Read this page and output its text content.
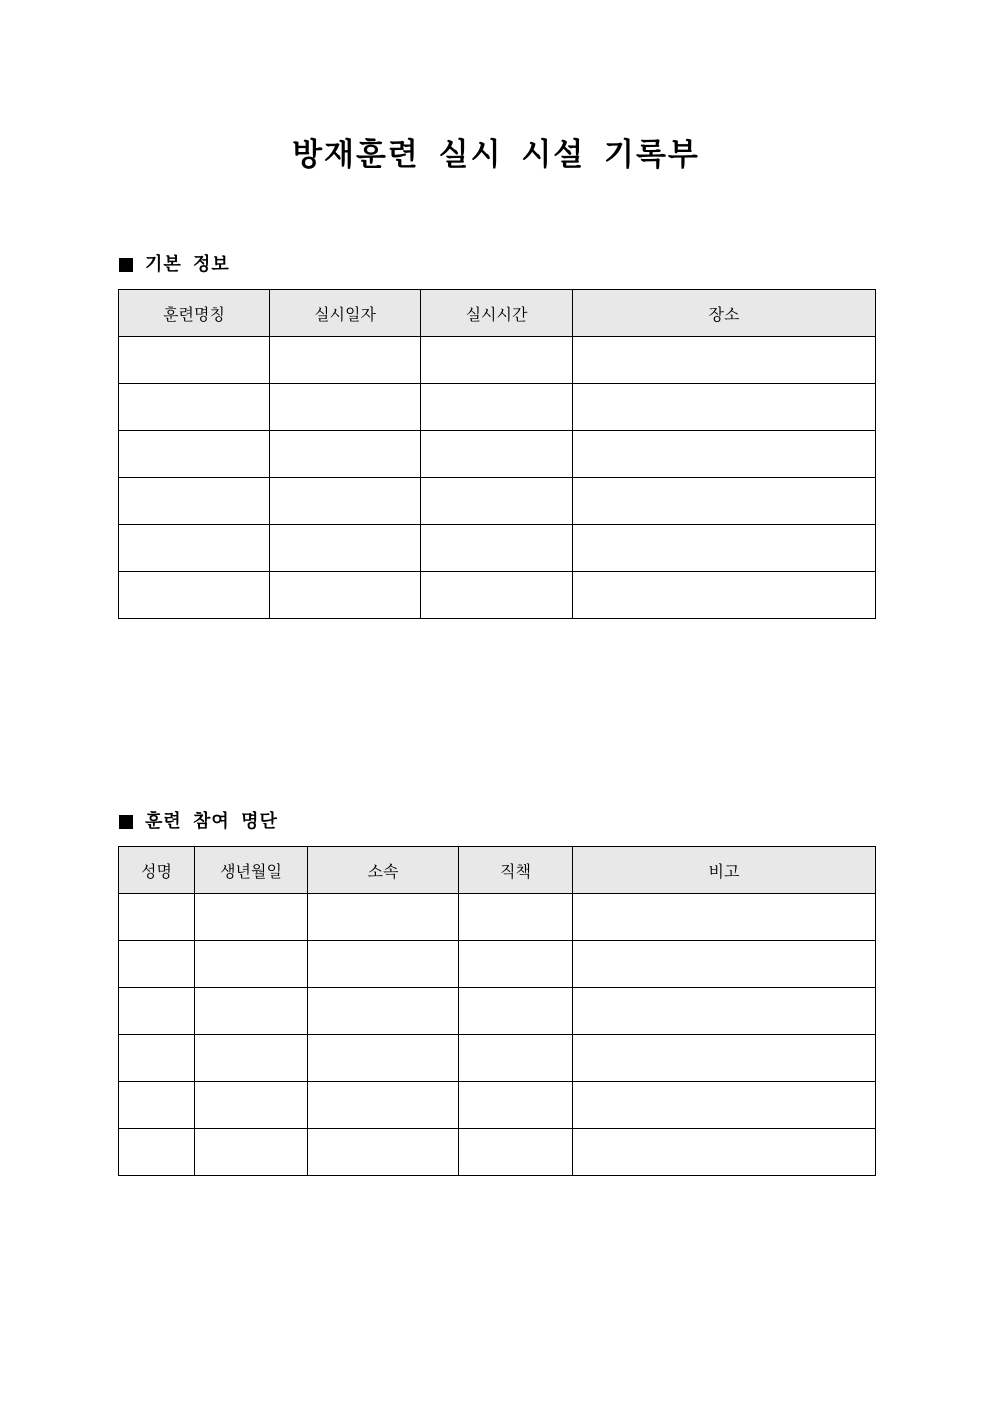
방재훈련 실시 시설 기록부
기본 정보
훈련명칭	실시일자	실시시간	장소

훈련 참여 명단
성명	생년월일	소속	직책	비고
